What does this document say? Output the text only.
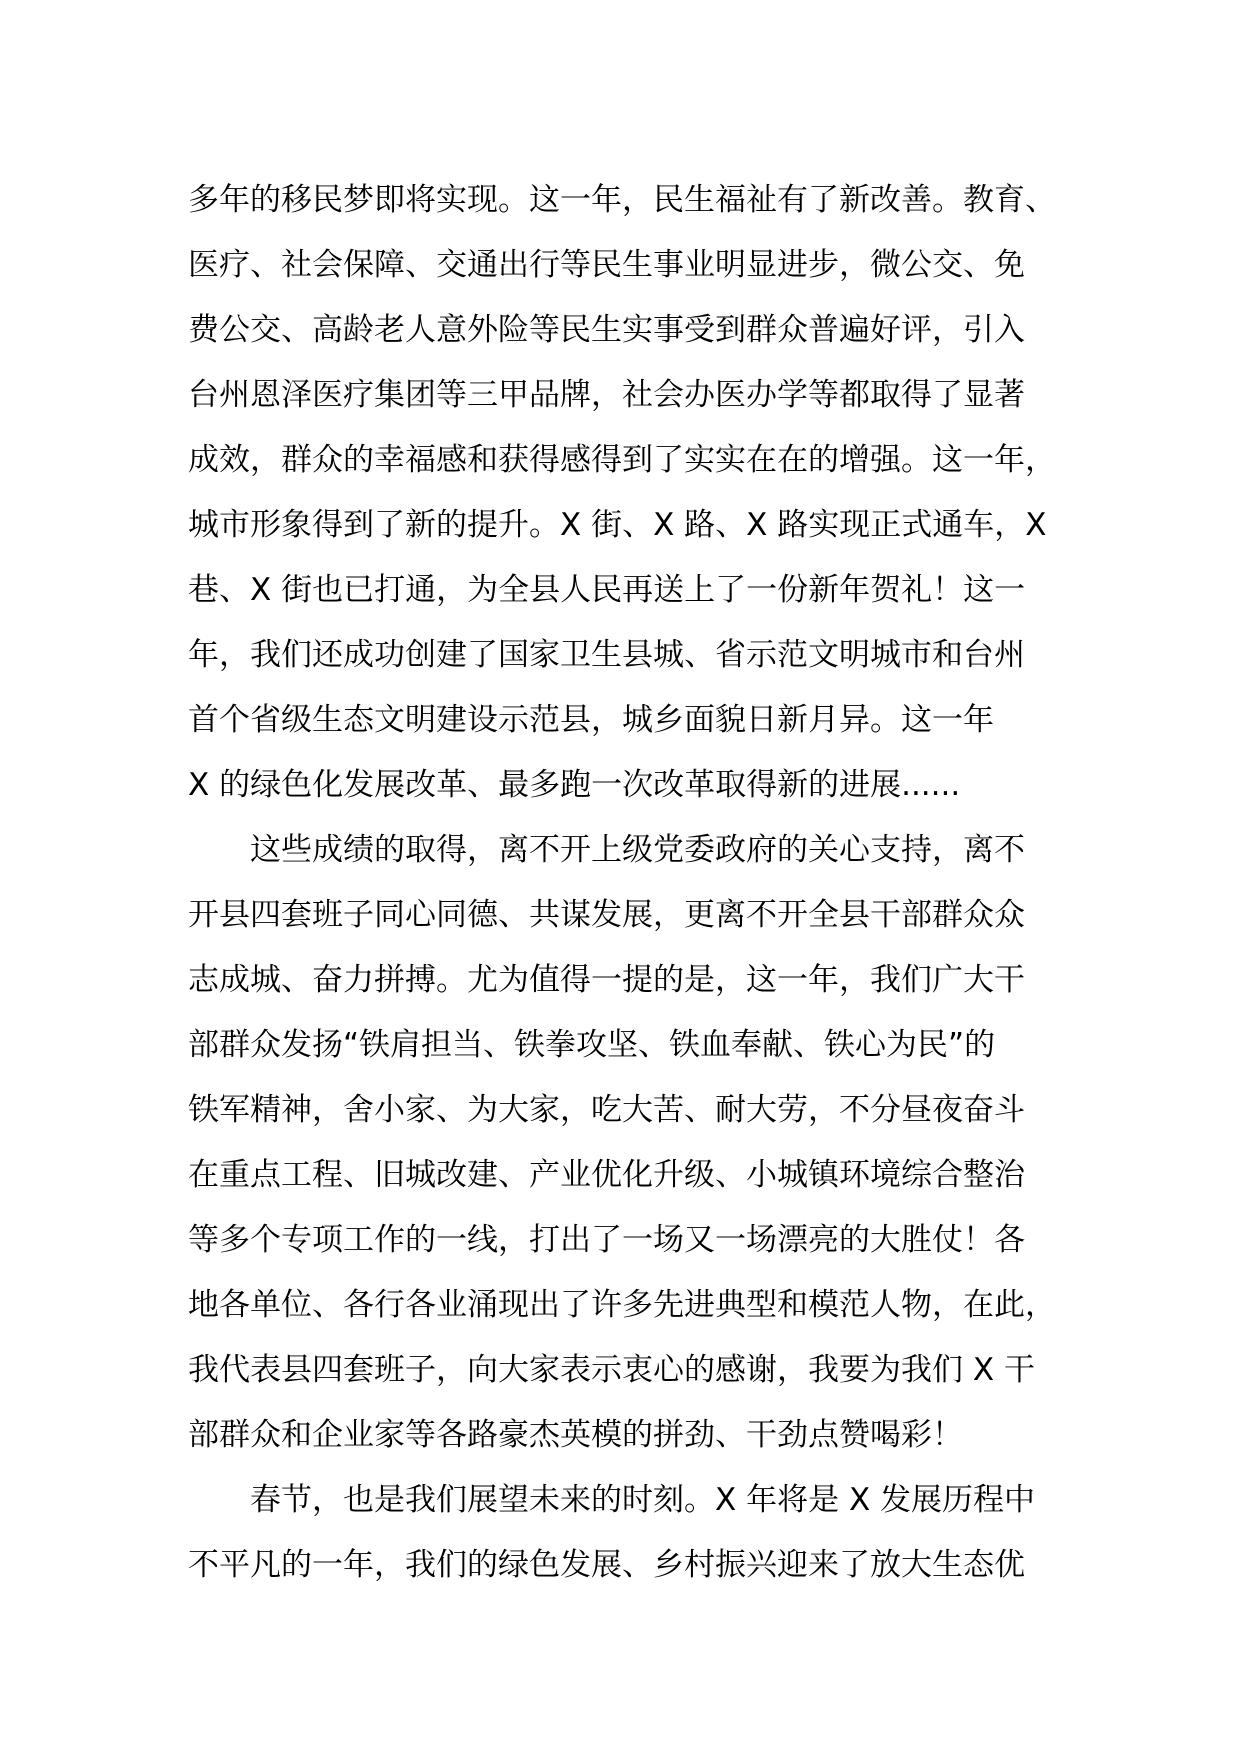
多年的移民梦即将实现。这一年，民生福祉有了新改善。教育、
医疗、社会保障、交通出行等民生事业明显进步，微公交、免
费公交、高龄老人意外险等民生实事受到群众普遍好评，引入
台州恩泽医疗集团等三甲品牌，社会办医办学等都取得了显著
成效，群众的幸福感和获得感得到了实实在在的增强。这一年，
城市形象得到了新的提升。X 街、X 路、X 路实现正式通车，X
巷、X 街也已打通，为全县人民再送上了一份新年贺礼！这一
年，我们还成功创建了国家卫生县城、省示范文明城市和台州
首个省级生态文明建设示范县，城乡面貌日新月异。这一年
X 的绿色化发展改革、最多跑一次改革取得新的进展......
　　这些成绩的取得，离不开上级党委政府的关心支持，离不
开县四套班子同心同德、共谋发展，更离不开全县干部群众众
志成城、奋力拼搏。尤为值得一提的是，这一年，我们广大干
部群众发扬“铁肩担当、铁拳攻坚、铁血奉献、铁心为民”的
铁军精神，舍小家、为大家，吃大苦、耐大劳，不分昼夜奋斗
在重点工程、旧城改建、产业优化升级、小城镇环境综合整治
等多个专项工作的一线，打出了一场又一场漂亮的大胜仗！各
地各单位、各行各业涌现出了许多先进典型和模范人物，在此，
我代表县四套班子，向大家表示衷心的感谢，我要为我们 X 干
部群众和企业家等各路豪杰英模的拼劲、干劲点赞喝彩！
　　春节，也是我们展望未来的时刻。X 年将是 X 发展历程中
不平凡的一年，我们的绿色发展、乡村振兴迎来了放大生态优
